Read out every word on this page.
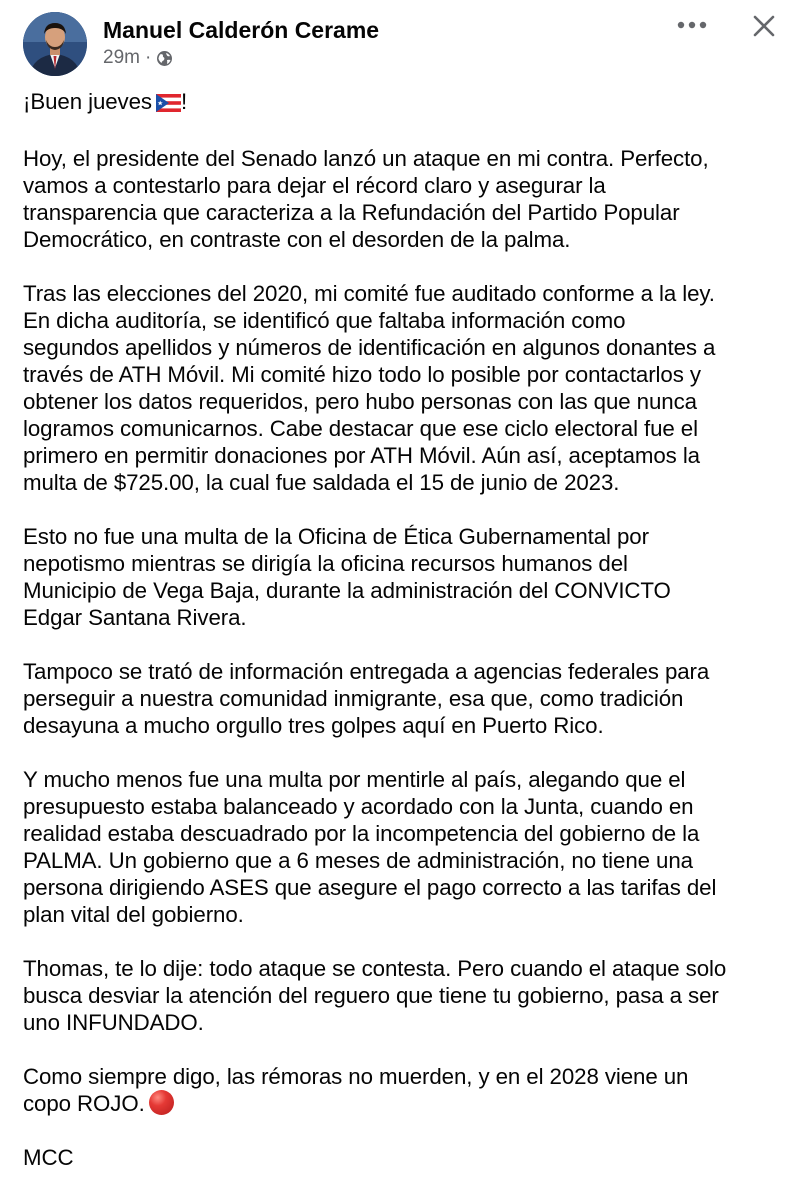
Manuel Calderón Cerame
29m ·

¡Buen jueves !

Hoy, el presidente del Senado lanzó un ataque en mi contra. Perfecto,
vamos a contestarlo para dejar el récord claro y asegurar la
transparencia que caracteriza a la Refundación del Partido Popular
Democrático, en contraste con el desorden de la palma.

Tras las elecciones del 2020, mi comité fue auditado conforme a la ley.
En dicha auditoría, se identificó que faltaba información como
segundos apellidos y números de identificación en algunos donantes a
través de ATH Móvil. Mi comité hizo todo lo posible por contactarlos y
obtener los datos requeridos, pero hubo personas con las que nunca
logramos comunicarnos. Cabe destacar que ese ciclo electoral fue el
primero en permitir donaciones por ATH Móvil. Aún así, aceptamos la
multa de $725.00, la cual fue saldada el 15 de junio de 2023.

Esto no fue una multa de la Oficina de Ética Gubernamental por
nepotismo mientras se dirigía la oficina recursos humanos del
Municipio de Vega Baja, durante la administración del CONVICTO
Edgar Santana Rivera.

Tampoco se trató de información entregada a agencias federales para
perseguir a nuestra comunidad inmigrante, esa que, como tradición
desayuna a mucho orgullo tres golpes aquí en Puerto Rico.

Y mucho menos fue una multa por mentirle al país, alegando que el
presupuesto estaba balanceado y acordado con la Junta, cuando en
realidad estaba descuadrado por la incompetencia del gobierno de la
PALMA. Un gobierno que a 6 meses de administración, no tiene una
persona dirigiendo ASES que asegure el pago correcto a las tarifas del
plan vital del gobierno.

Thomas, te lo dije: todo ataque se contesta. Pero cuando el ataque solo
busca desviar la atención del reguero que tiene tu gobierno, pasa a ser
uno INFUNDADO.

Como siempre digo, las rémoras no muerden, y en el 2028 viene un
copo ROJO.

MCC
